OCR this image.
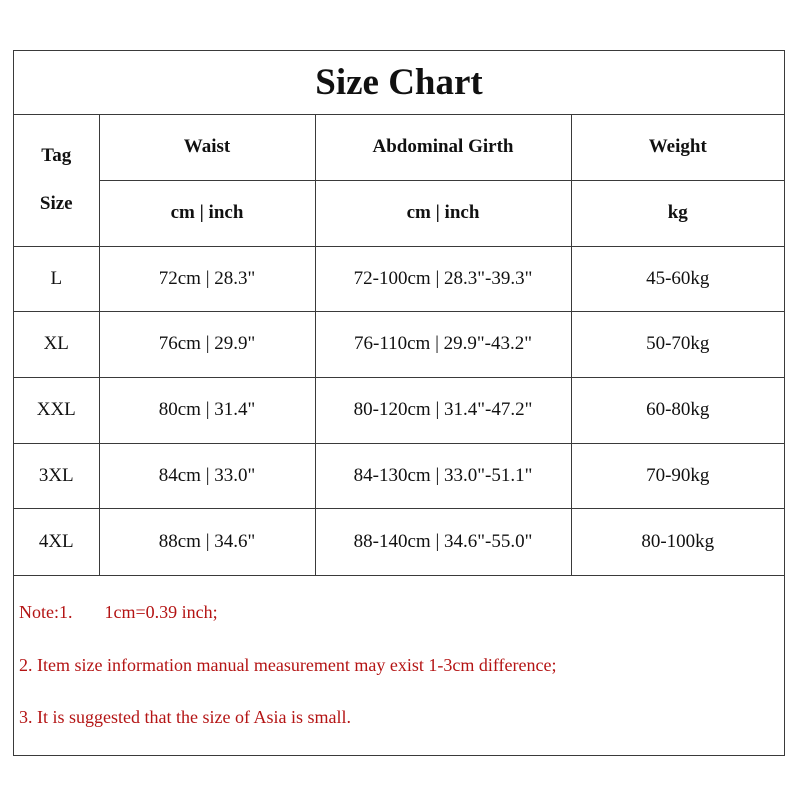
Size Chart
Tag
Size	Waist	Abdominal Girth	Weight
	cm | inch	cm | inch	kg
L	72cm | 28.3"	72-100cm | 28.3"-39.3"	45-60kg
XL	76cm | 29.9"	76-110cm | 29.9"-43.2"	50-70kg
XXL	80cm | 31.4"	80-120cm | 31.4"-47.2"	60-80kg
3XL	84cm | 33.0"	84-130cm | 33.0"-51.1"	70-90kg
4XL	88cm | 34.6"	88-140cm | 34.6"-55.0"	80-100kg
Note:1. 1cm=0.39 inch;
2. Item size information manual measurement may exist 1-3cm difference;
3. It is suggested that the size of Asia is small.
